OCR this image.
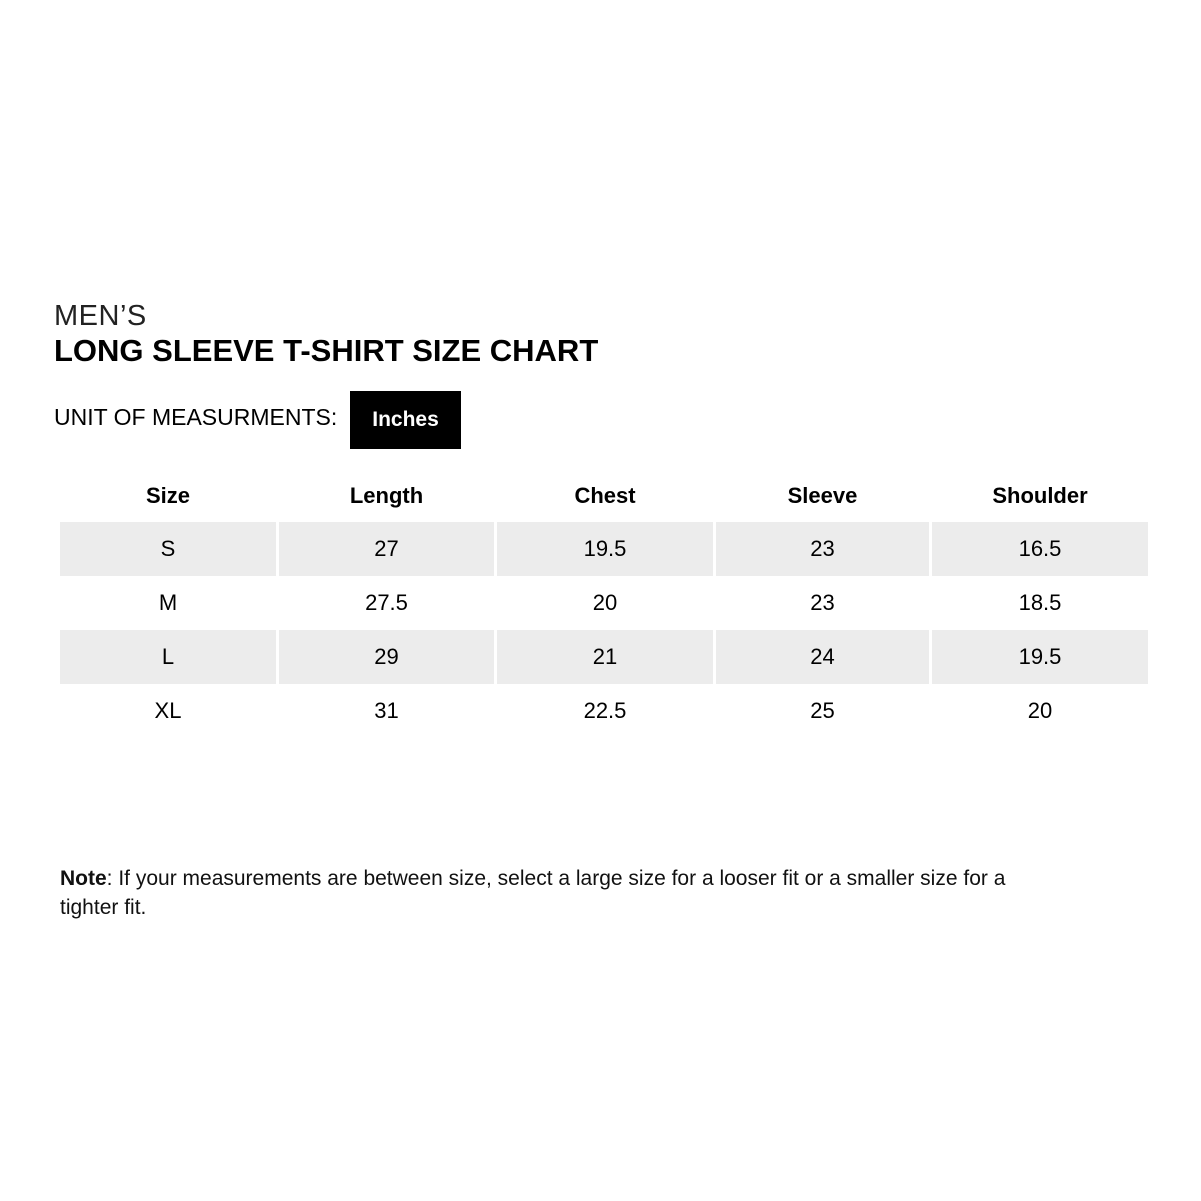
MEN’S
LONG SLEEVE T-SHIRT SIZE CHART
UNIT OF MEASURMENTS:	Inches
Size	Length	Chest	Sleeve	Shoulder
S	27	19.5	23	16.5
M	27.5	20	23	18.5
L	29	21	24	19.5
XL	31	22.5	25	20

Note: If your measurements are between size, select a large size for a looser fit or a smaller size for a tighter fit.
